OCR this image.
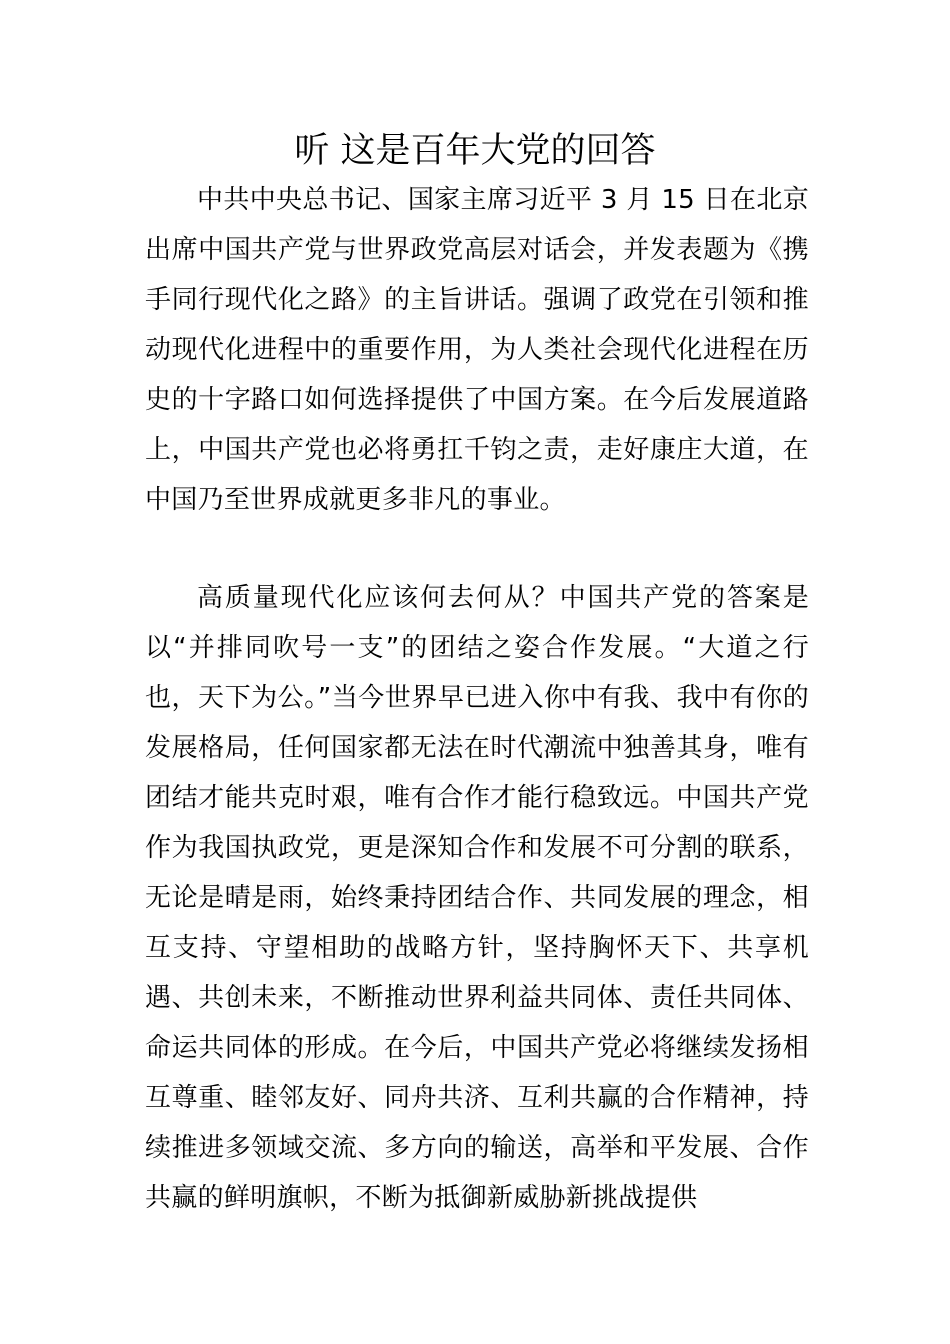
听 这是百年大党的回答

中共中央总书记、国家主席习近平 3 月 15 日在北京出席中国共产党与世界政党高层对话会，并发表题为《携手同行现代化之路》的主旨讲话。强调了政党在引领和推动现代化进程中的重要作用，为人类社会现代化进程在历史的十字路口如何选择提供了中国方案。在今后发展道路上，中国共产党也必将勇扛千钧之责，走好康庄大道，在中国乃至世界成就更多非凡的事业。

高质量现代化应该何去何从？中国共产党的答案是以“并排同吹号一支”的团结之姿合作发展。“大道之行也，天下为公。”当今世界早已进入你中有我、我中有你的发展格局，任何国家都无法在时代潮流中独善其身，唯有团结才能共克时艰，唯有合作才能行稳致远。中国共产党作为我国执政党，更是深知合作和发展不可分割的联系，无论是晴是雨，始终秉持团结合作、共同发展的理念，相互支持、守望相助的战略方针，坚持胸怀天下、共享机遇、共创未来，不断推动世界利益共同体、责任共同体、命运共同体的形成。在今后，中国共产党必将继续发扬相互尊重、睦邻友好、同舟共济、互利共赢的合作精神，持续推进多领域交流、多方向的输送，高举和平发展、合作共赢的鲜明旗帜，不断为抵御新威胁新挑战提供
